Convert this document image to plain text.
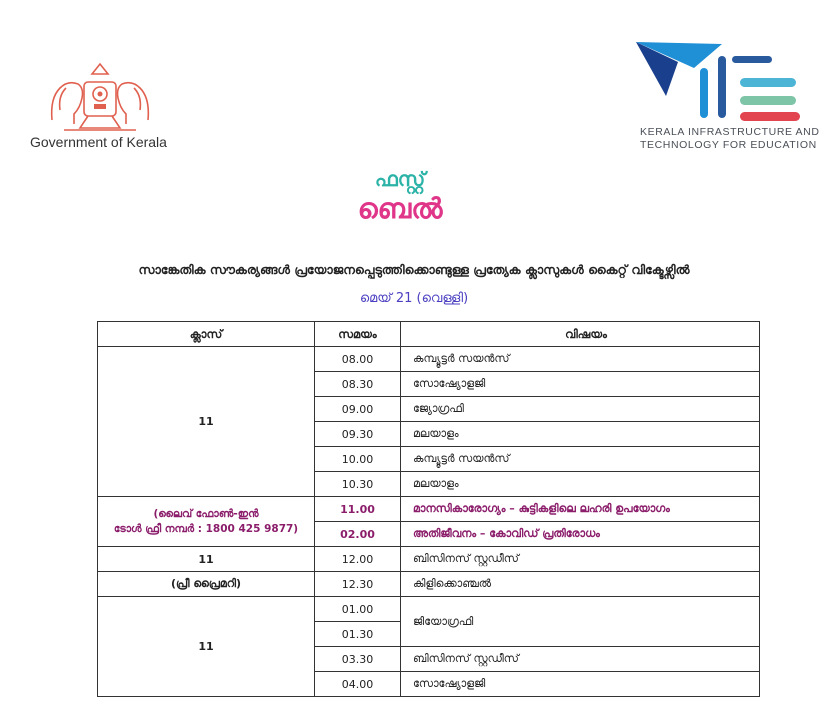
Government of Kerala
KERALA INFRASTRUCTURE AND
TECHNOLOGY FOR EDUCATION
ഫസ്റ്റ്
ബെൽ
സാങ്കേതിക സൗകര്യങ്ങൾ പ്രയോജനപ്പെടുത്തിക്കൊണ്ടുള്ള പ്രത്യേക ക്ലാസുകൾ കൈറ്റ് വിക്ടേഴ്സിൽ
മെയ് 21 (വെള്ളി)
ക്ലാസ്	സമയം	വിഷയം
11	08.00	കമ്പ്യൂട്ടർ സയൻസ്
	08.30	സോഷ്യോളജി
	09.00	ജ്യോഗ്രഫി
	09.30	മലയാളം
	10.00	കമ്പ്യൂട്ടർ സയൻസ്
	10.30	മലയാളം

(ലൈവ് ഫോൺ-ഇൻ
ടോൾ ഫ്രീ നമ്പർ : 1800 425 9877)	11.00	മാനസികാരോഗ്യം – കുട്ടികളിലെ ലഹരി ഉപയോഗം
	02.00	അതിജീവനം – കോവിഡ് പ്രതിരോധം
11	12.00	ബിസിനസ് സ്റ്റഡീസ്
(പ്രീ പ്രൈമറി)	12.30	കിളിക്കൊഞ്ചൽ
11	01.00	ജിയോഗ്രഫി
	01.30	
	03.30	ബിസിനസ് സ്റ്റഡീസ്
	04.00	സോഷ്യോളജി
